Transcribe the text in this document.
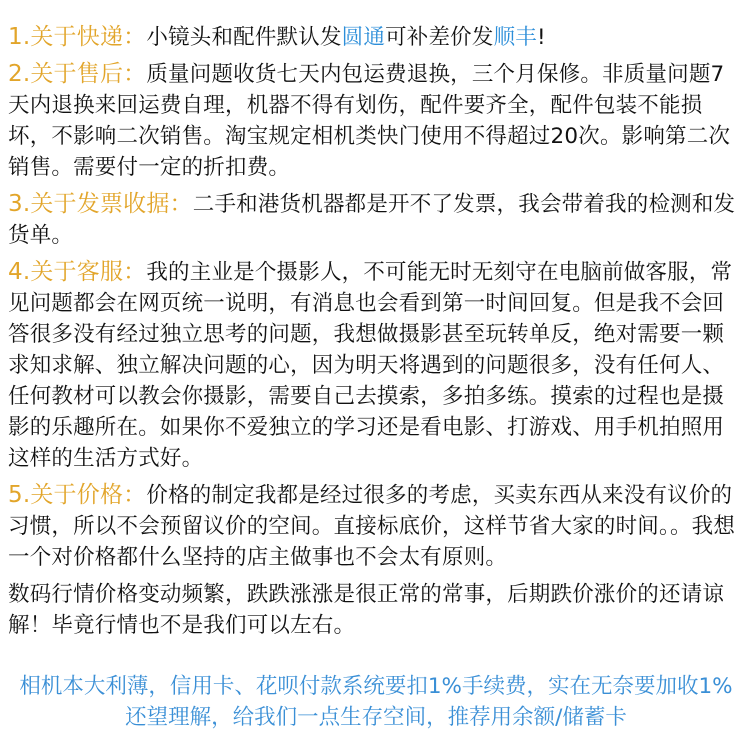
1.关于快递：小镜头和配件默认发圆通可补差价发顺丰!

2.关于售后：质量问题收货七天内包运费退换，三个月保修。非质量问题7天内退换来回运费自理，机器不得有划伤，配件要齐全，配件包装不能损坏，不影响二次销售。淘宝规定相机类快门使用不得超过20次。影响第二次销售。需要付一定的折扣费。

3.关于发票收据：二手和港货机器都是开不了发票，我会带着我的检测和发货单。

4.关于客服：我的主业是个摄影人，不可能无时无刻守在电脑前做客服，常见问题都会在网页统一说明，有消息也会看到第一时间回复。但是我不会回答很多没有经过独立思考的问题，我想做摄影甚至玩转单反，绝对需要一颗求知求解、独立解决问题的心，因为明天将遇到的问题很多，没有任何人、任何教材可以教会你摄影，需要自己去摸索，多拍多练。摸索的过程也是摄影的乐趣所在。如果你不爱独立的学习还是看电影、打游戏、用手机拍照用这样的生活方式好。

5.关于价格：价格的制定我都是经过很多的考虑，买卖东西从来没有议价的习惯，所以不会预留议价的空间。直接标底价，这样节省大家的时间。。我想一个对价格都什么坚持的店主做事也不会太有原则。

数码行情价格变动频繁，跌跌涨涨是很正常的常事，后期跌价涨价的还请谅解！毕竟行情也不是我们可以左右。

相机本大利薄，信用卡、花呗付款系统要扣1%手续费，实在无奈要加收1%
还望理解，给我们一点生存空间，推荐用余额/储蓄卡
